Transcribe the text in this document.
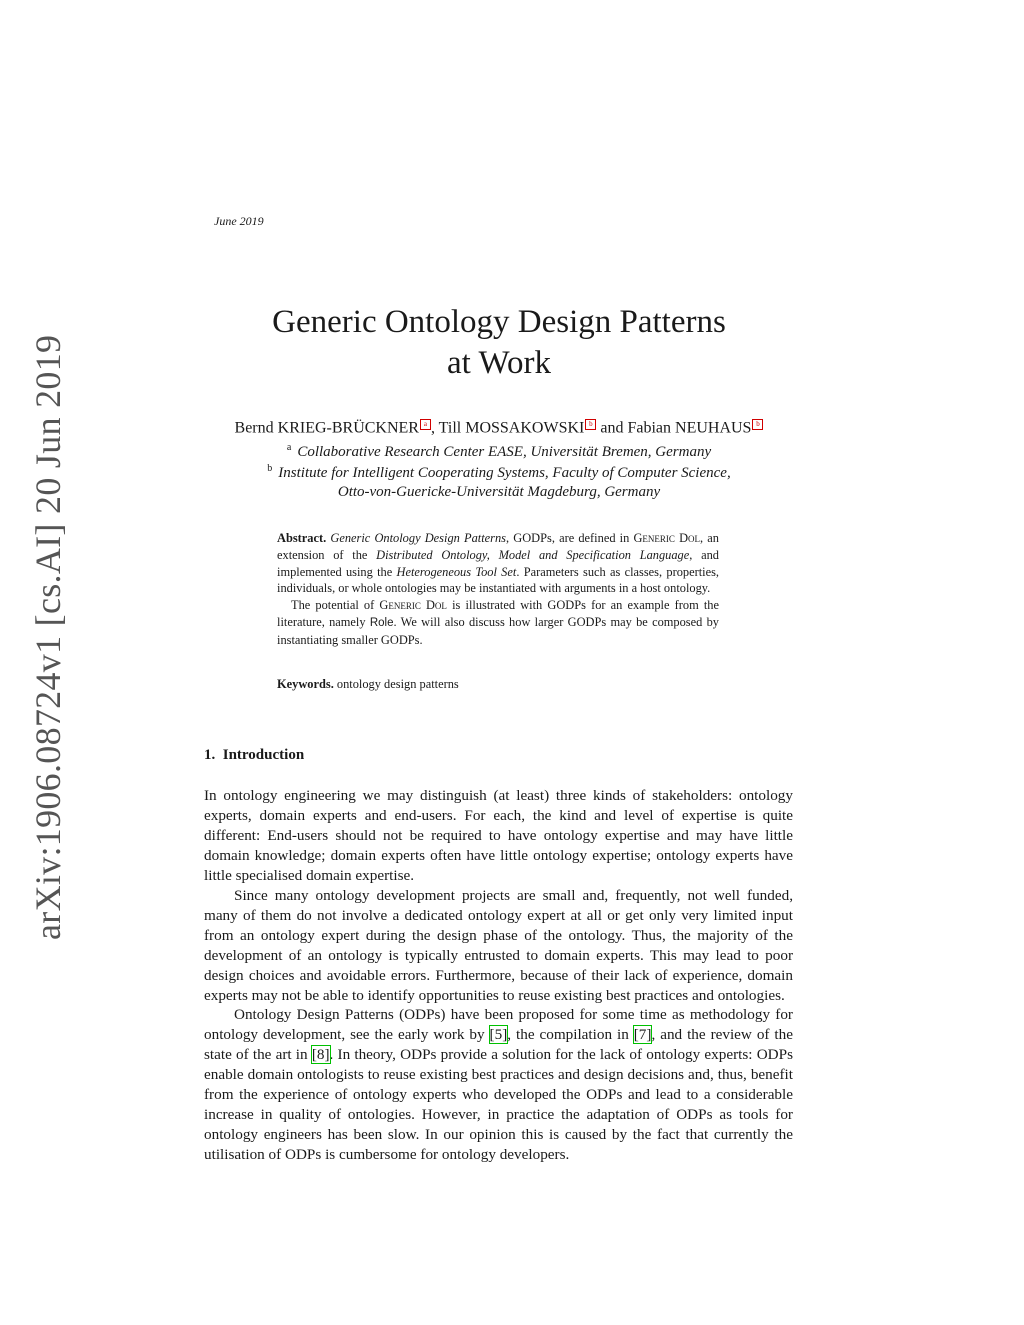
June 2019
Generic Ontology Design Patterns
at Work
Bernd KRIEG-BRÜCKNER a , Till MOSSAKOWSKI b and Fabian NEUHAUS b
$^a$ Collaborative Research Center EASE, Universität Bremen, Germany
$^b$ Institute for Intelligent Cooperating Systems, Faculty of Computer Science,
Otto-von-Guericke-Universität Magdeburg, Germany

Abstract. Generic Ontology Design Patterns, GODPs, are defined in Generic Dol, an extension of the Distributed Ontology, Model and Specification Language, and implemented using the Heterogeneous Tool Set. Parameters such as classes, properties, individuals, or whole ontologies may be instantiated with arguments in a host ontology.

The potential of Generic Dol is illustrated with GODPs for an example from the literature, namely Role. We will also discuss how larger GODPs may be composed by instantiating smaller GODPs.

Keywords. ontology design patterns
1. Introduction

In ontology engineering we may distinguish (at least) three kinds of stakeholders: ontology experts, domain experts and end-users. For each, the kind and level of expertise is quite different: End-users should not be required to have ontology expertise and may have little domain knowledge; domain experts often have little ontology expertise; ontology experts have little specialised domain expertise.

Since many ontology development projects are small and, frequently, not well funded, many of them do not involve a dedicated ontology expert at all or get only very limited input from an ontology expert during the design phase of the ontology. Thus, the majority of the development of an ontology is typically entrusted to domain experts. This may lead to poor design choices and avoidable errors. Furthermore, because of their lack of experience, domain experts may not be able to identify opportunities to reuse existing best practices and ontologies.

Ontology Design Patterns (ODPs) have been proposed for some time as methodology for ontology development, see the early work by [5], the compilation in [7], and the review of the state of the art in [8]. In theory, ODPs provide a solution for the lack of ontology experts: ODPs enable domain ontologists to reuse existing best practices and design decisions and, thus, benefit from the experience of ontology experts who developed the ODPs and lead to a considerable increase in quality of ontologies. However, in practice the adaptation of ODPs as tools for ontology engineers has been slow. In our opinion this is caused by the fact that currently the utilisation of ODPs is cumbersome for ontology developers.

arXiv:1906.08724v1 [cs.AI] 20 Jun 2019
